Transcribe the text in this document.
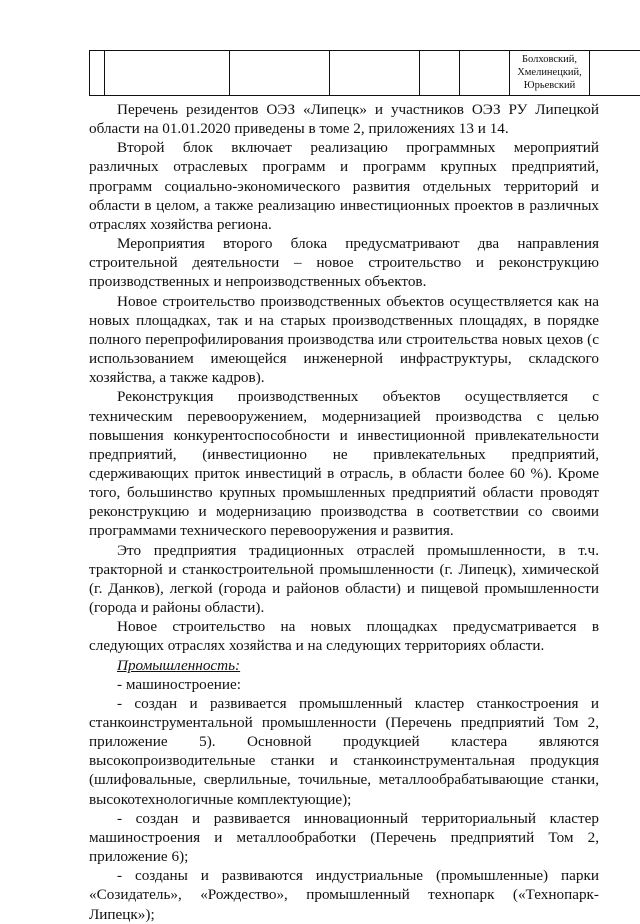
Болховский,
Хмелинецкий,
Юрьевский

Перечень резидентов ОЭЗ «Липецк» и участников ОЭЗ РУ Липецкой области на 01.01.2020 приведены в томе 2, приложениях 13 и 14.

Второй блок включает реализацию программных мероприятий различных отраслевых программ и программ крупных предприятий, программ социально-экономического развития отдельных территорий и области в целом, а также реализацию инвестиционных проектов в различных отраслях хозяйства региона.

Мероприятия второго блока предусматривают два направления строительной деятельности – новое строительство и реконструкцию производственных и непроизводственных объектов.

Новое строительство производственных объектов осуществляется как на новых площадках, так и на старых производственных площадях, в порядке полного перепрофилирования производства или строительства новых цехов (с использованием имеющейся инженерной инфраструктуры, складского хозяйства, а также кадров).

Реконструкция производственных объектов осуществляется с техническим перевооружением, модернизацией производства с целью повышения конкурентоспособности и инвестиционной привлекательности предприятий, (инвестиционно не привлекательных предприятий, сдерживающих приток инвестиций в отрасль, в области более 60 %). Кроме того, большинство крупных промышленных предприятий области проводят реконструкцию и модернизацию производства в соответствии со своими программами технического перевооружения и развития.

Это предприятия традиционных отраслей промышленности, в т.ч. тракторной и станкостроительной промышленности (г. Липецк), химической (г. Данков), легкой (города и районов области) и пищевой промышленности (города и районы области).

Новое строительство на новых площадках предусматривается в следующих отраслях хозяйства и на следующих территориях области.

Промышленность:

- машиностроение:

- создан и развивается промышленный кластер станкостроения и станкоинструментальной промышленности (Перечень предприятий Том 2, приложение 5). Основной продукцией кластера являются высокопроизводительные станки и станкоинструментальная продукция (шлифовальные, сверлильные, точильные, металлообрабатывающие станки, высокотехнологичные комплектующие);

- создан и развивается инновационный территориальный кластер машиностроения и металлообработки (Перечень предприятий Том 2, приложение 6);

- созданы и развиваются индустриальные (промышленные) парки «Созидатель», «Рождество», промышленный технопарк («Технопарк-Липецк»);
